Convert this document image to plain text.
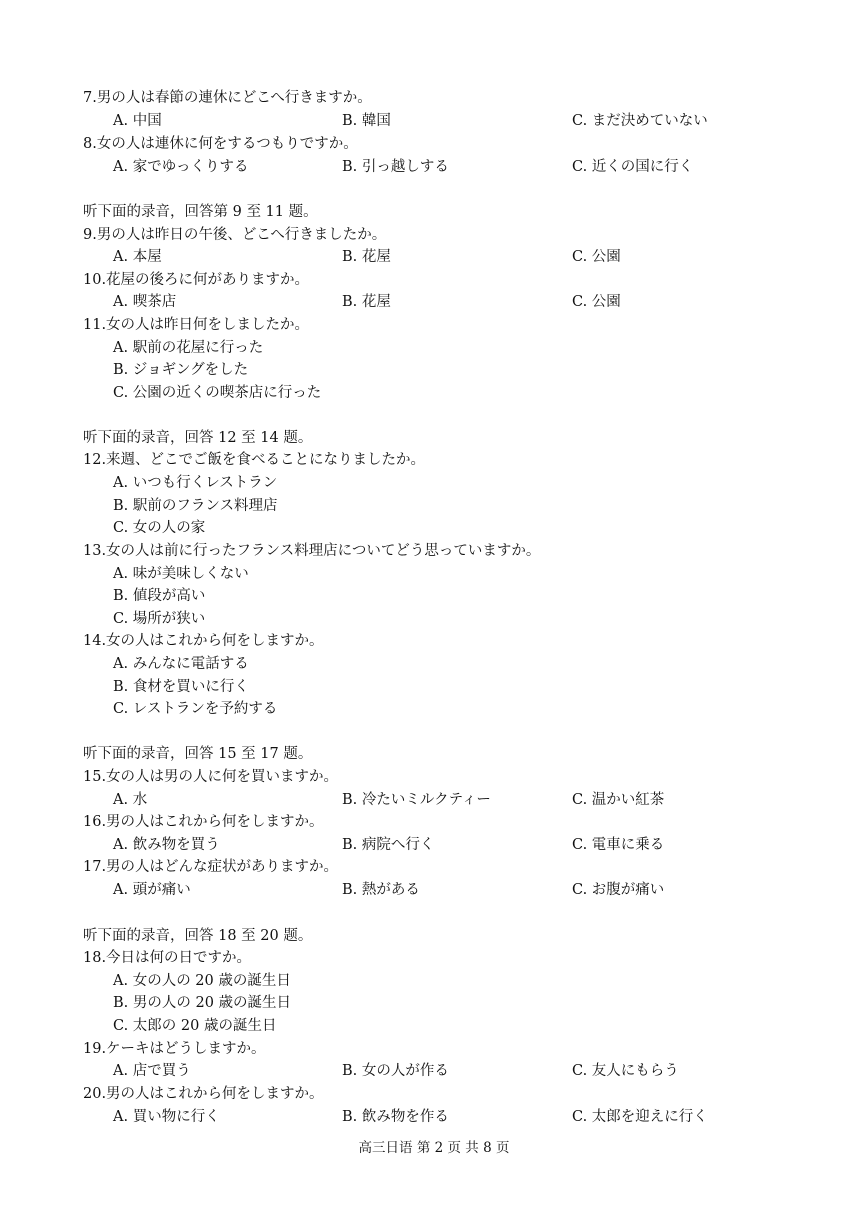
7.男の人は春節の連休にどこへ行きますか。
A. 中国	B. 韓国	C. まだ決めていない
8.女の人は連休に何をするつもりですか。
A. 家でゆっくりする	B. 引っ越しする	C. 近くの国に行く
听下面的录音，回答第 9 至 11 题。
9.男の人は昨日の午後、どこへ行きましたか。
A. 本屋	B. 花屋	C. 公園
10.花屋の後ろに何がありますか。
A. 喫茶店	B. 花屋	C. 公園
11.女の人は昨日何をしましたか。
A. 駅前の花屋に行った
B. ジョギングをした
C. 公園の近くの喫茶店に行った
听下面的录音，回答 12 至 14 题。
12.来週、どこでご飯を食べることになりましたか。
A. いつも行くレストラン
B. 駅前のフランス料理店
C. 女の人の家
13.女の人は前に行ったフランス料理店についてどう思っていますか。
A. 味が美味しくない
B. 値段が高い
C. 場所が狭い
14.女の人はこれから何をしますか。
A. みんなに電話する
B. 食材を買いに行く
C. レストランを予約する
听下面的录音，回答 15 至 17 题。
15.女の人は男の人に何を買いますか。
A. 水	B. 冷たいミルクティー	C. 温かい紅茶
16.男の人はこれから何をしますか。
A. 飲み物を買う	B. 病院へ行く	C. 電車に乗る
17.男の人はどんな症状がありますか。
A. 頭が痛い	B. 熱がある	C. お腹が痛い
听下面的录音，回答 18 至 20 题。
18.今日は何の日ですか。
A. 女の人の 20 歳の誕生日
B. 男の人の 20 歳の誕生日
C. 太郎の 20 歳の誕生日
19.ケーキはどうしますか。
A. 店で買う	B. 女の人が作る	C. 友人にもらう
20.男の人はこれから何をしますか。
A. 買い物に行く	B. 飲み物を作る	C. 太郎を迎えに行く
高三日语 第 2 页 共 8 页
